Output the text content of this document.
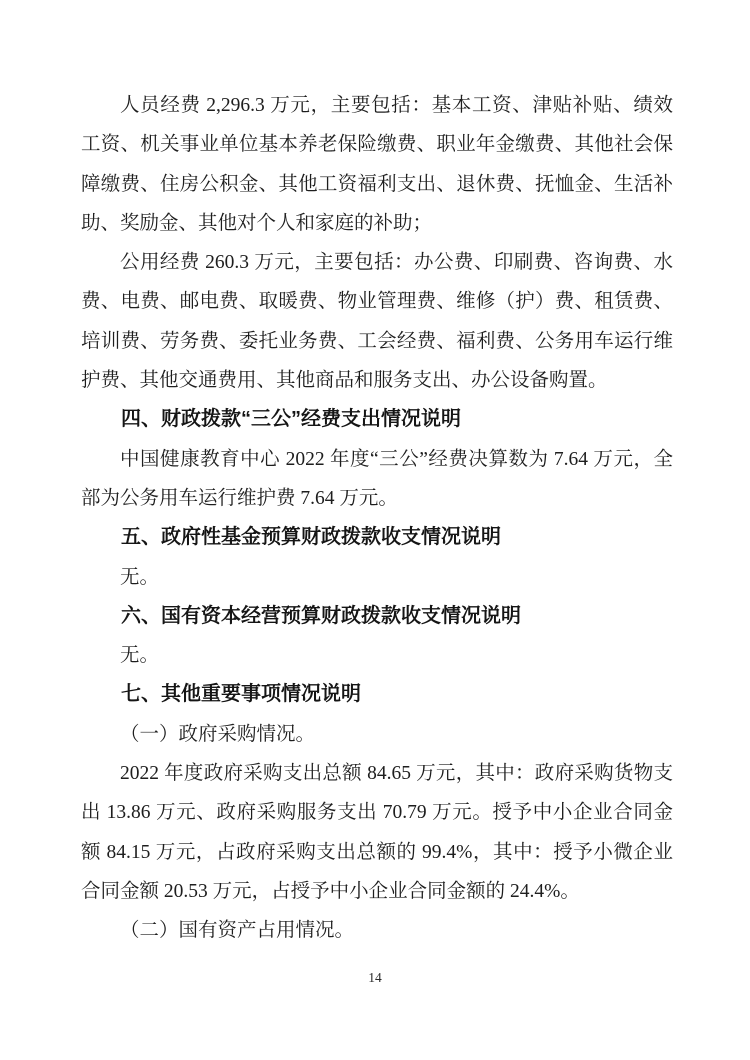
人员经费 2,296.3 万元，主要包括：基本工资、津贴补贴、绩效
工资、机关事业单位基本养老保险缴费、职业年金缴费、其他社会保
障缴费、住房公积金、其他工资福利支出、退休费、抚恤金、生活补
助、奖励金、其他对个人和家庭的补助；
公用经费 260.3 万元，主要包括：办公费、印刷费、咨询费、水
费、电费、邮电费、取暖费、物业管理费、维修（护）费、租赁费、
培训费、劳务费、委托业务费、工会经费、福利费、公务用车运行维
护费、其他交通费用、其他商品和服务支出、办公设备购置。
四、财政拨款“三公”经费支出情况说明
中国健康教育中心 2022 年度“三公”经费决算数为 7.64 万元，全
部为公务用车运行维护费 7.64 万元。
五、政府性基金预算财政拨款收支情况说明
无。
六、国有资本经营预算财政拨款收支情况说明
无。
七、其他重要事项情况说明
（一）政府采购情况。
2022 年度政府采购支出总额 84.65 万元，其中：政府采购货物支
出 13.86 万元、政府采购服务支出 70.79 万元。授予中小企业合同金
额 84.15 万元，占政府采购支出总额的 99.4%，其中：授予小微企业
合同金额 20.53 万元，占授予中小企业合同金额的 24.4%。
（二）国有资产占用情况。
14
